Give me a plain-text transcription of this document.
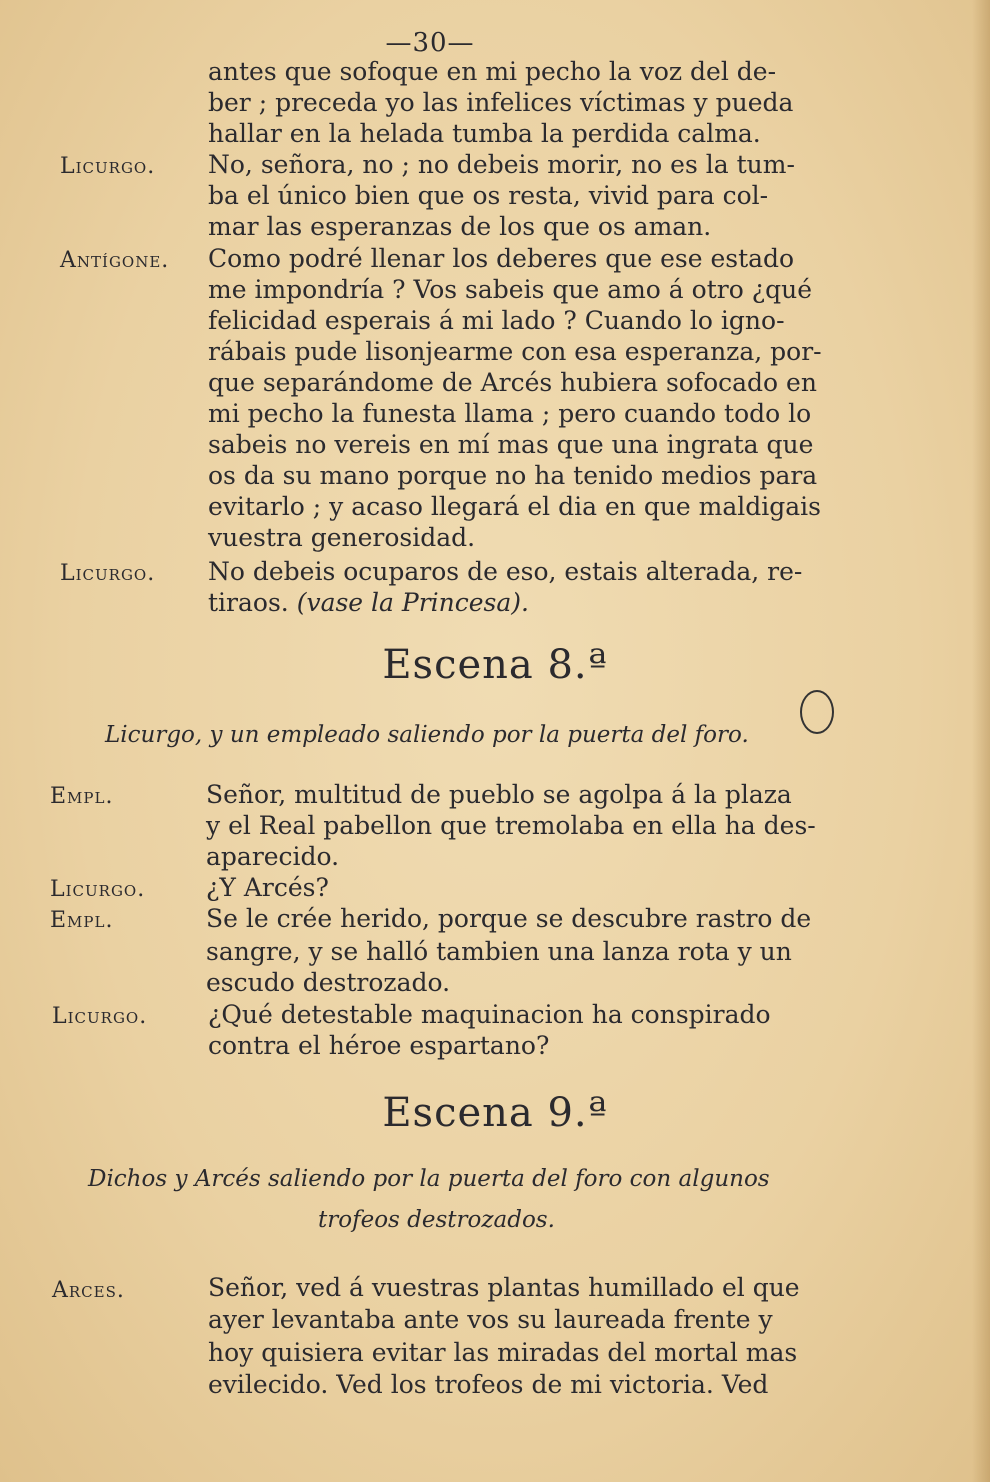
—30—
antes que sofoque en mi pecho la voz del de-
ber ; preceda yo las infelices víctimas y pueda
hallar en la helada tumba la perdida calma.
Licurgo. No, señora, no ; no debeis morir, no es la tum-
ba el único bien que os resta, vivid para col-
mar las esperanzas de los que os aman.
Antígone. Como podré llenar los deberes que ese estado
me impondría ? Vos sabeis que amo á otro ¿qué
felicidad esperais á mi lado ? Cuando lo igno-
rábais pude lisonjearme con esa esperanza, por-
que separándome de Arcés hubiera sofocado en
mi pecho la funesta llama ; pero cuando todo lo
sabeis no vereis en mí mas que una ingrata que
os da su mano porque no ha tenido medios para
evitarlo ; y acaso llegará el dia en que maldigais
vuestra generosidad.
Licurgo. No debeis ocuparos de eso, estais alterada, re-
tiraos. (vase la Princesa).
Escena 8.ª
Licurgo, y un empleado saliendo por la puerta del foro.
Empl.	Señor, multitud de pueblo se agolpa á la plaza
y el Real pabellon que tremolaba en ella ha des-
aparecido.
Licurgo. ¿Y Arcés?
Empl.	Se le crée herido, porque se descubre rastro de
sangre, y se halló tambien una lanza rota y un
escudo destrozado.
Licurgo. ¿Qué detestable maquinacion ha conspirado
contra el héroe espartano?
Escena 9.ª
Dichos y Arcés saliendo por la puerta del foro con algunos
trofeos destrozados.
Arces.	Señor, ved á vuestras plantas humillado el que
ayer levantaba ante vos su laureada frente y
hoy quisiera evitar las miradas del mortal mas
evilecido. Ved los trofeos de mi victoria. Ved
